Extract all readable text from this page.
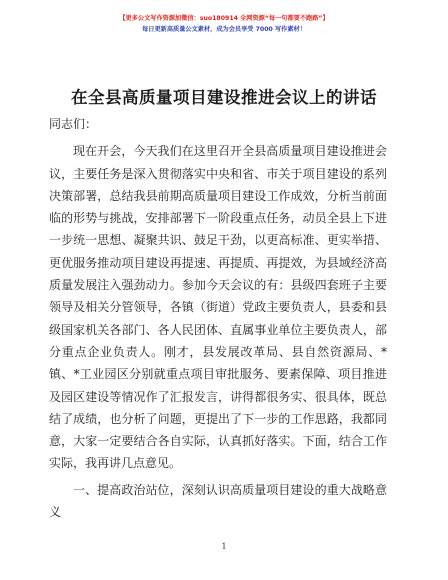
【更多公文写作资源加微信：suo180914 全网资源“每一句都要不跑路”】
每日更新高质量公文素材，成为会员享受 7000 写作素材！
在全县高质量项目建设推进会议上的讲话

同志们：

现在开会，今天我们在这里召开全县高质量项目建设推进会议，主要任务是深入贯彻落实中央和省、市关于项目建设的系列决策部署，总结我县前期高质量项目建设工作成效，分析当前面临的形势与挑战，安排部署下一阶段重点任务，动员全县上下进一步统一思想、凝聚共识、鼓足干劲，以更高标准、更实举措、更优服务推动项目建设再提速、再提质、再提效，为县域经济高质量发展注入强劲动力。参加今天会议的有：县级四套班子主要领导及相关分管领导，各镇（街道）党政主要负责人，县委和县级国家机关各部门、各人民团体、直属事业单位主要负责人，部分重点企业负责人。刚才，县发展改革局、县自然资源局、*镇、*工业园区分别就重点项目审批服务、要素保障、项目推进及园区建设等情况作了汇报发言，讲得都很务实、很具体，既总结了成绩，也分析了问题，更提出了下一步的工作思路，我都同意，大家一定要结合各自实际，认真抓好落实。下面，结合工作实际，我再讲几点意见。

一、提高政治站位，深刻认识高质量项目建设的重大战略意义

1
